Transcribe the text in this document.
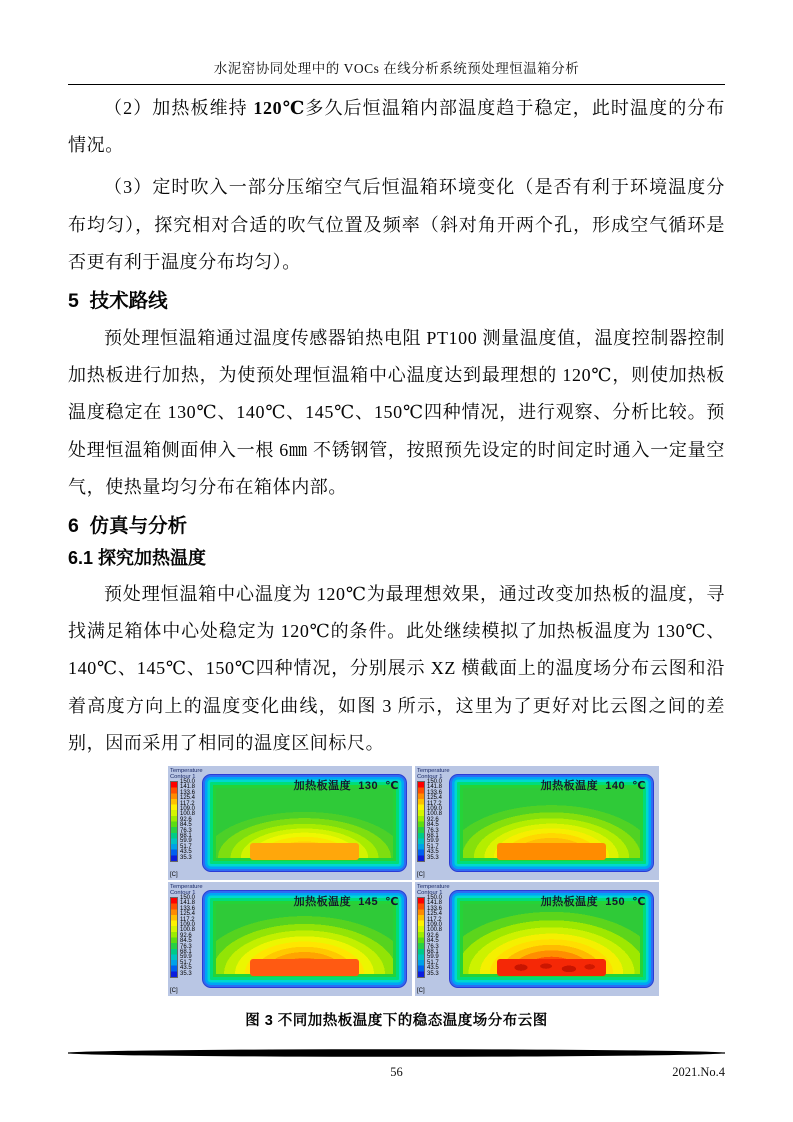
水泥窑协同处理中的 VOCs 在线分析系统预处理恒温箱分析

（2）加热板维持 120℃多久后恒温箱内部温度趋于稳定，此时温度的分布情况。

（3）定时吹入一部分压缩空气后恒温箱环境变化（是否有利于环境温度分布均匀），探究相对合适的吹气位置及频率（斜对角开两个孔，形成空气循环是否更有利于温度分布均匀）。

5  技术路线

预处理恒温箱通过温度传感器铂热电阻 PT100 测量温度值，温度控制器控制加热板进行加热，为使预处理恒温箱中心温度达到最理想的 120℃，则使加热板温度稳定在 130℃、140℃、145℃、150℃四种情况，进行观察、分析比较。预处理恒温箱侧面伸入一根 6㎜ 不锈钢管，按照预先设定的时间定时通入一定量空气，使热量均匀分布在箱体内部。

6  仿真与分析
6.1 探究加热温度

预处理恒温箱中心温度为 120℃为最理想效果，通过改变加热板的温度，寻找满足箱体中心处稳定为 120℃的条件。此处继续模拟了加热板温度为 130℃、140℃、145℃、150℃四种情况，分别展示 XZ 横截面上的温度场分布云图和沿着高度方向上的温度变化曲线，如图 3 所示，这里为了更好对比云图之间的差别，因而采用了相同的温度区间标尺。

Temperature
Contour 1
150.0
141.8
133.6
125.4
117.2
109.0
100.8
92.6
84.5
76.3
68.1
59.9
51.7
43.5
35.3
[C]
加热板温度  130  ℃
Temperature
Contour 1
150.0
141.8
133.6
125.4
117.2
109.0
100.8
92.6
84.5
76.3
68.1
59.9
51.7
43.5
35.3
[C]
加热板温度  140  ℃
Temperature
Contour 1
150.0
141.8
133.6
125.4
117.2
109.0
100.8
92.6
84.5
76.3
68.1
59.9
51.7
43.5
35.3
[C]
加热板温度  145  ℃
Temperature
Contour 1
150.0
141.8
133.6
125.4
117.2
109.0
100.8
92.6
84.5
76.3
68.1
59.9
51.7
43.5
35.3
[C]
加热板温度  150  ℃
图 3 不同加热板温度下的稳态温度场分布云图
56	2021.No.4
